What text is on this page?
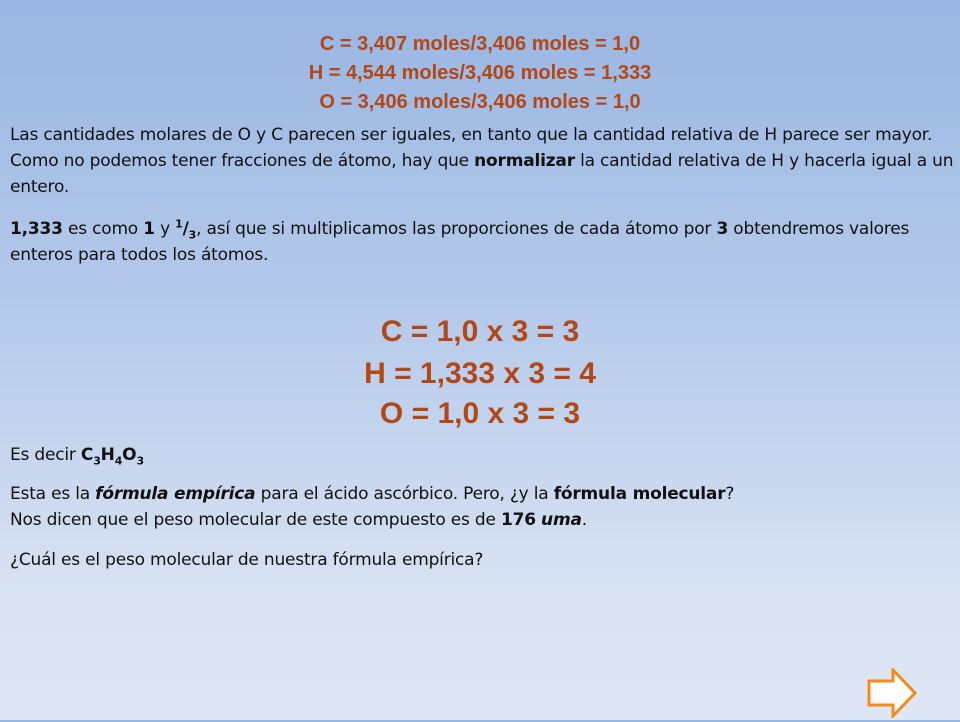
C = 3,407 moles/3,406 moles = 1,0
H = 4,544 moles/3,406 moles = 1,333
O = 3,406 moles/3,406 moles = 1,0
Las cantidades molares de O y C parecen ser iguales, en tanto que la cantidad relativa de H parece ser mayor. Como no podemos tener fracciones de átomo, hay que normalizar la cantidad relativa de H y hacerla igual a un entero.
1,333 es como 1 y $^1/_3$, así que si multiplicamos las proporciones de cada átomo por 3 obtendremos valores enteros para todos los átomos.
C = 1,0 x 3 = 3
H = 1,333 x 3 = 4
O = 1,0 x 3 = 3
Es decir $C_3H_4O_3$
Esta es la fórmula empírica para el ácido ascórbico. Pero, ¿y la fórmula molecular?
Nos dicen que el peso molecular de este compuesto es de 176 uma.
¿Cuál es el peso molecular de nuestra fórmula empírica?
